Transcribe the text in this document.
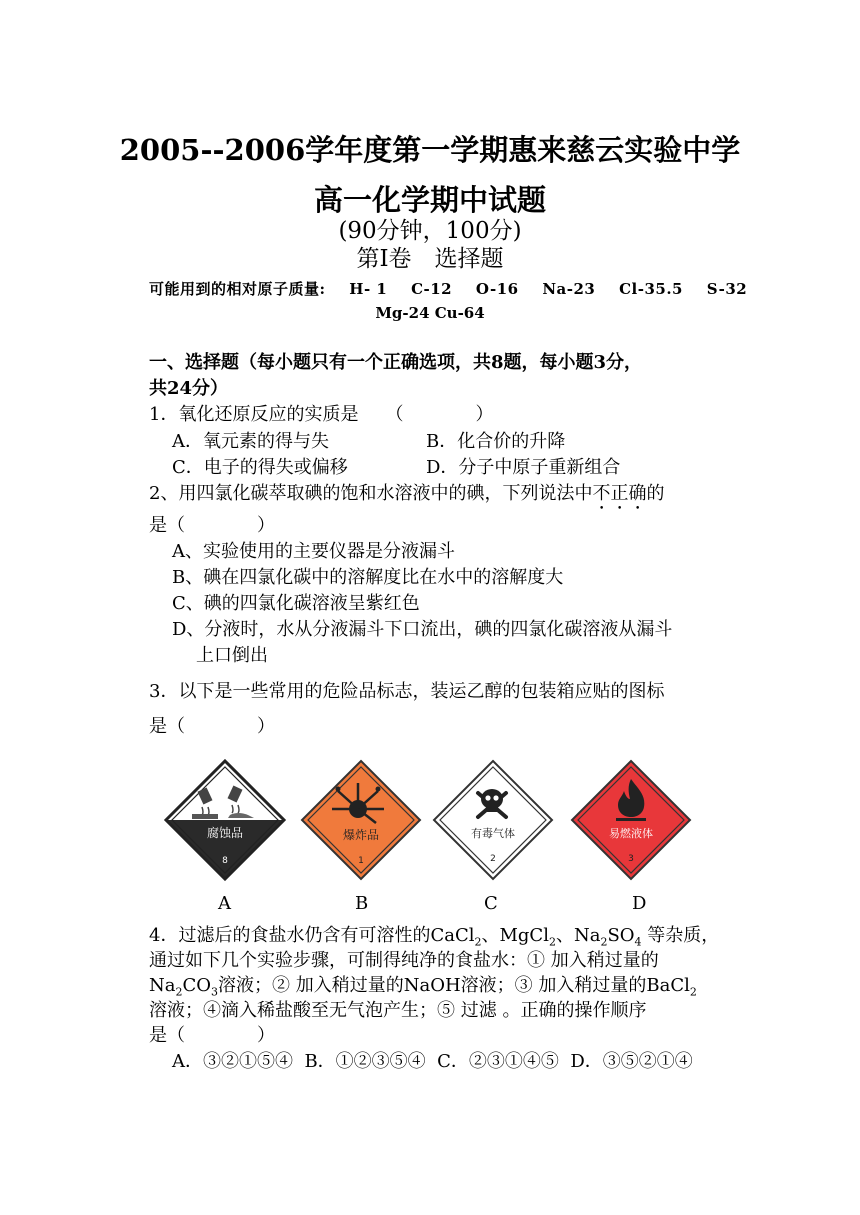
2005--2006学年度第一学期惠来慈云实验中学
高一化学期中试题
(90分钟，100分)
第Ⅰ卷　选择题
可能用到的相对原子质量: H- 1 C-12 O-16 Na-23 Cl-35.5 S-32
Mg-24 Cu-64
一、选择题（每小题只有一个正确选项，共8题，每小题3分，
共24分）
1．氧化还原反应的实质是　　（　　　　）
A．氧元素的得与失	B．化合价的升降
C．电子的得失或偏移	D．分子中原子重新组合
2、用四氯化碳萃取碘的饱和水溶液中的碘，下列说法中不正确的
是（　　　　）
A、实验使用的主要仪器是分液漏斗
B、碘在四氯化碳中的溶解度比在水中的溶解度大
C、碘的四氯化碳溶液呈紫红色
D、分液时，水从分液漏斗下口流出，碘的四氯化碳溶液从漏斗
上口倒出
3．以下是一些常用的危险品标志，装运乙醇的包装箱应贴的图标
是（　　　　）
腐蚀品
8
爆炸品
1
有毒气体
2
易燃液体
3
A	B	C	D
4．过滤后的食盐水仍含有可溶性的CaCl$_2$、MgCl$_2$、$Na_2SO_4$ 等杂质，
通过如下几个实验步骤，可制得纯净的食盐水：① 加入稍过量的
$Na_2CO_3$溶液；② 加入稍过量的NaOH溶液；③ 加入稍过量的BaCl$_2$
溶液；④滴入稀盐酸至无气泡产生；⑤ 过滤 。正确的操作顺序
是（　　　　）
A．③②①⑤④  B．①②③⑤④  C．②③①④⑤  D．③⑤②①④
